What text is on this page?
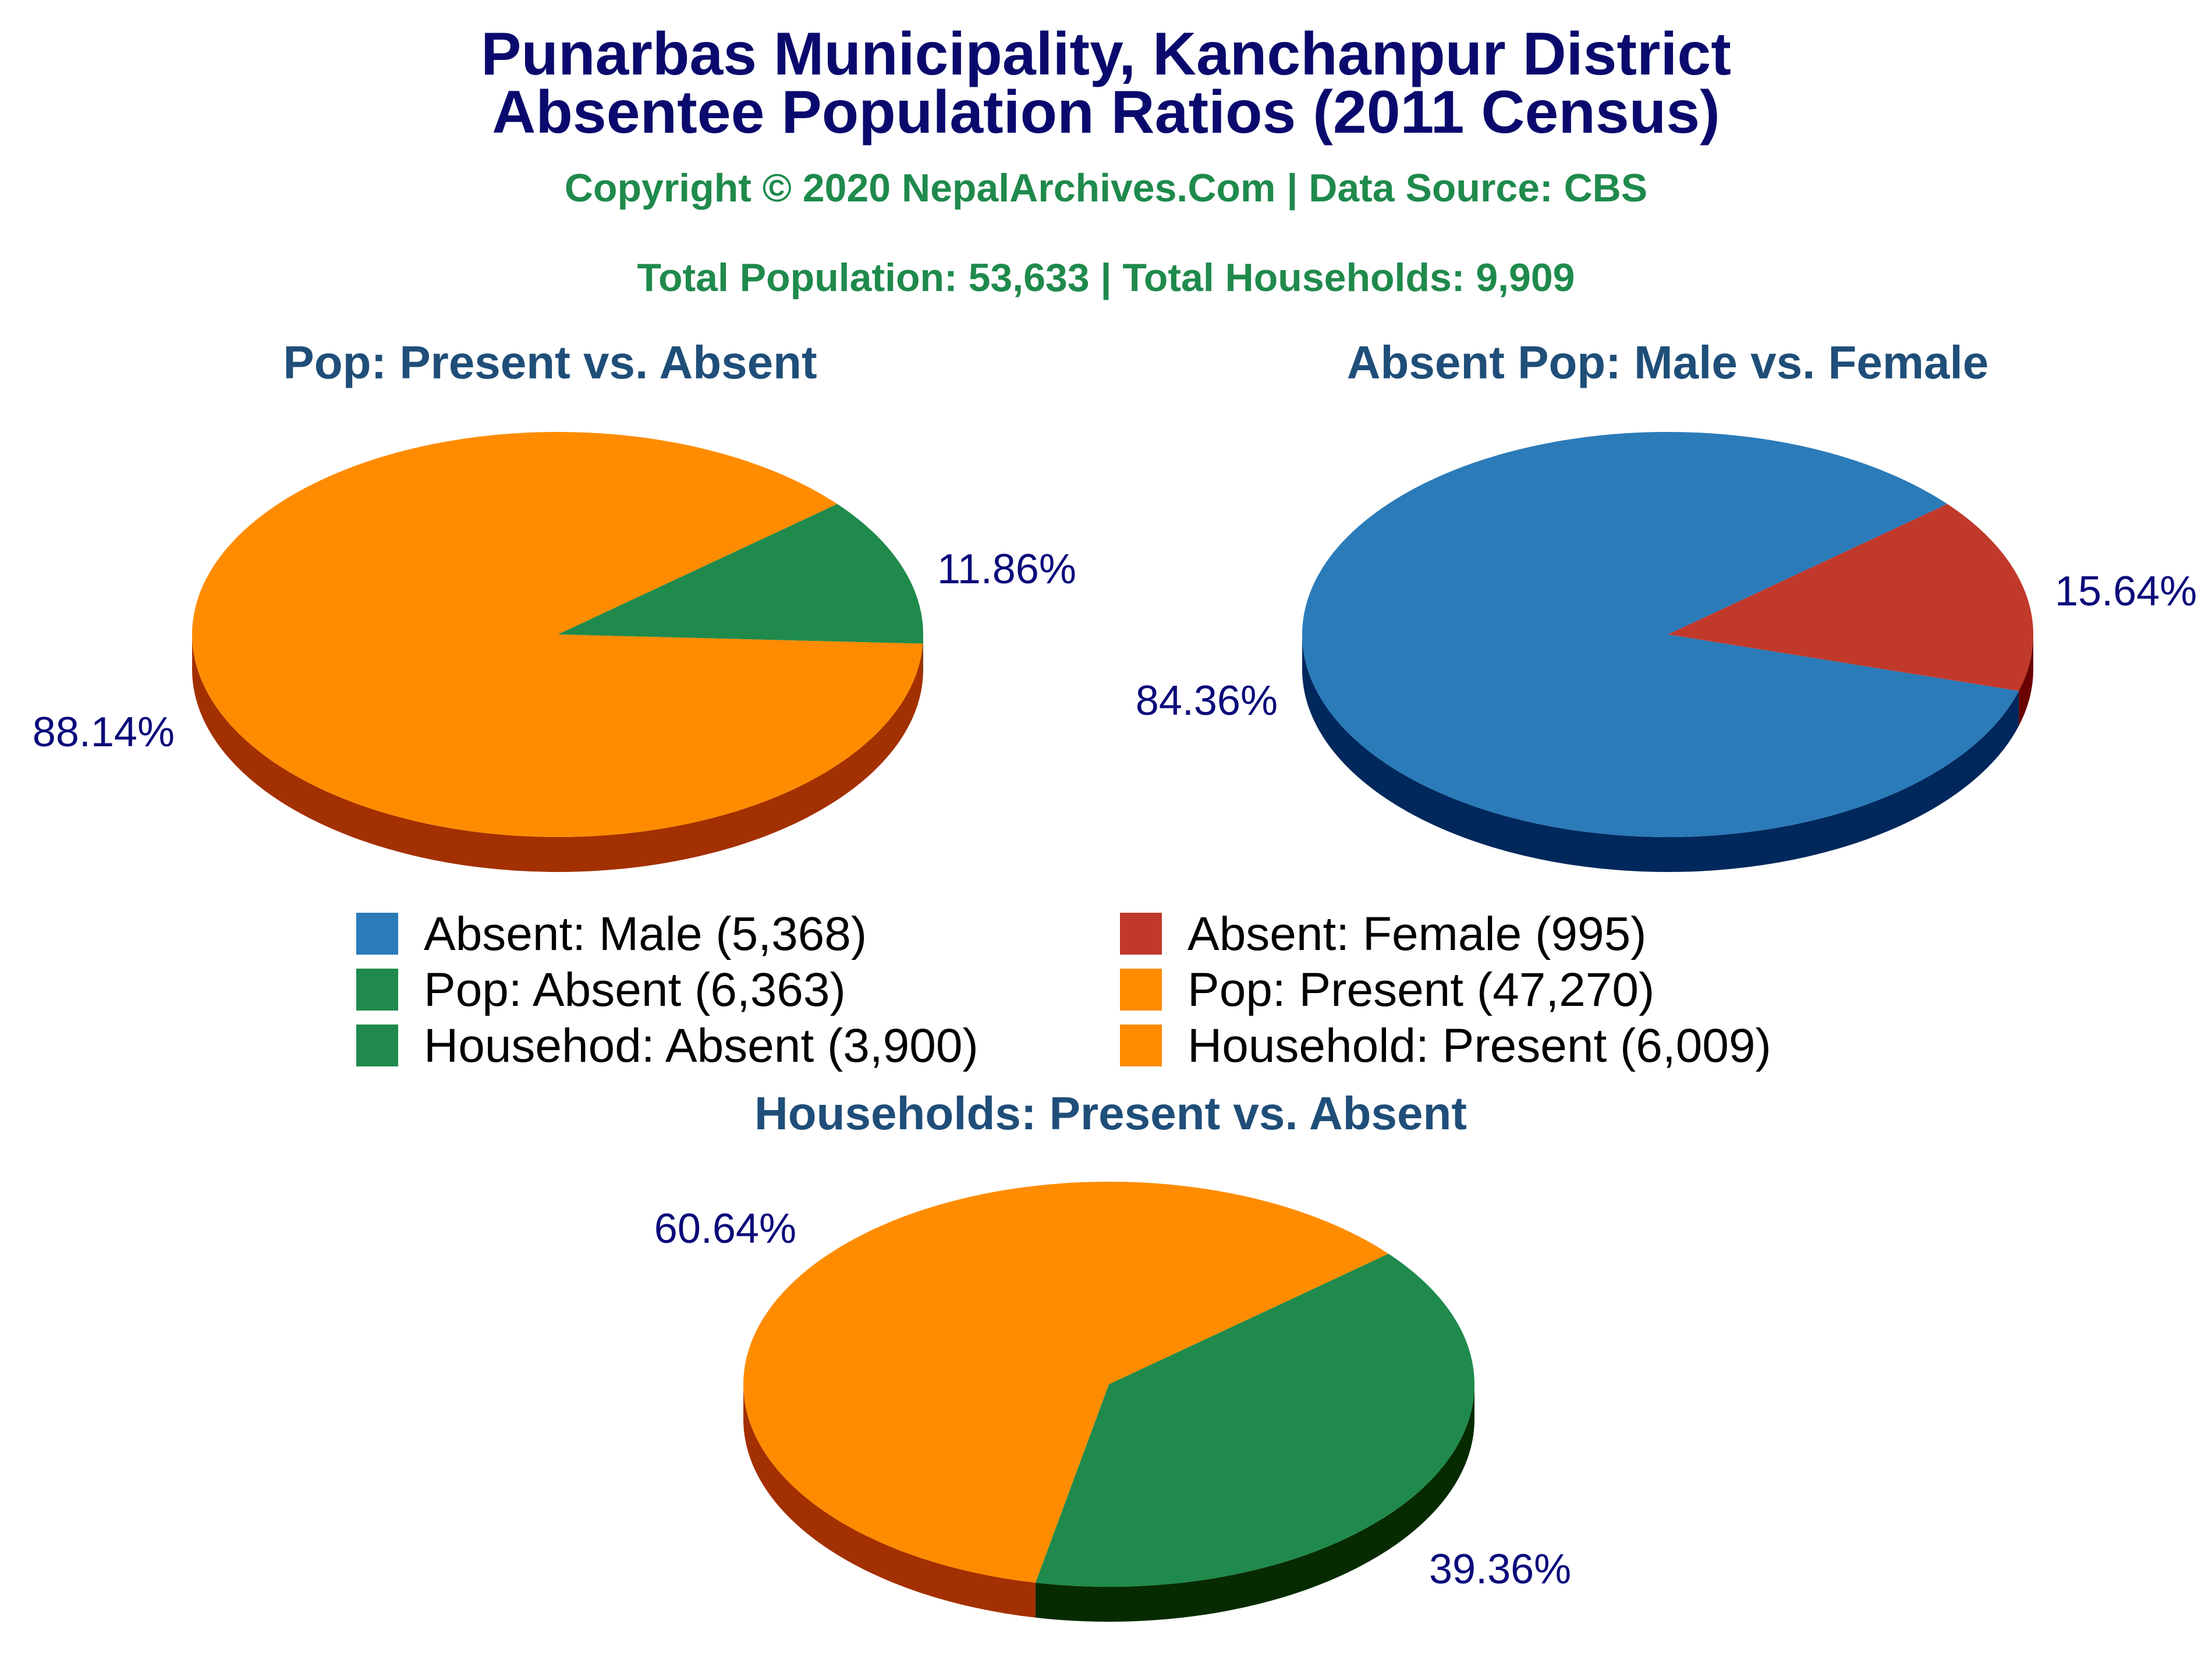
Punarbas Municipality, Kanchanpur District
Absentee Population Ratios (2011 Census)
Copyright © 2020 NepalArchives.Com | Data Source: CBS
Total Population: 53,633 | Total Households: 9,909
Pop: Present vs. Absent	Absent Pop: Male vs. Female
Households: Present vs. Absent
11.86%
88.14%
15.64%
84.36%
39.36%
60.64%
Absent: Male (5,368)	Absent: Female (995)
Pop: Absent (6,363)	Pop: Present (47,270)
Househod: Absent (3,900)	Household: Present (6,009)
